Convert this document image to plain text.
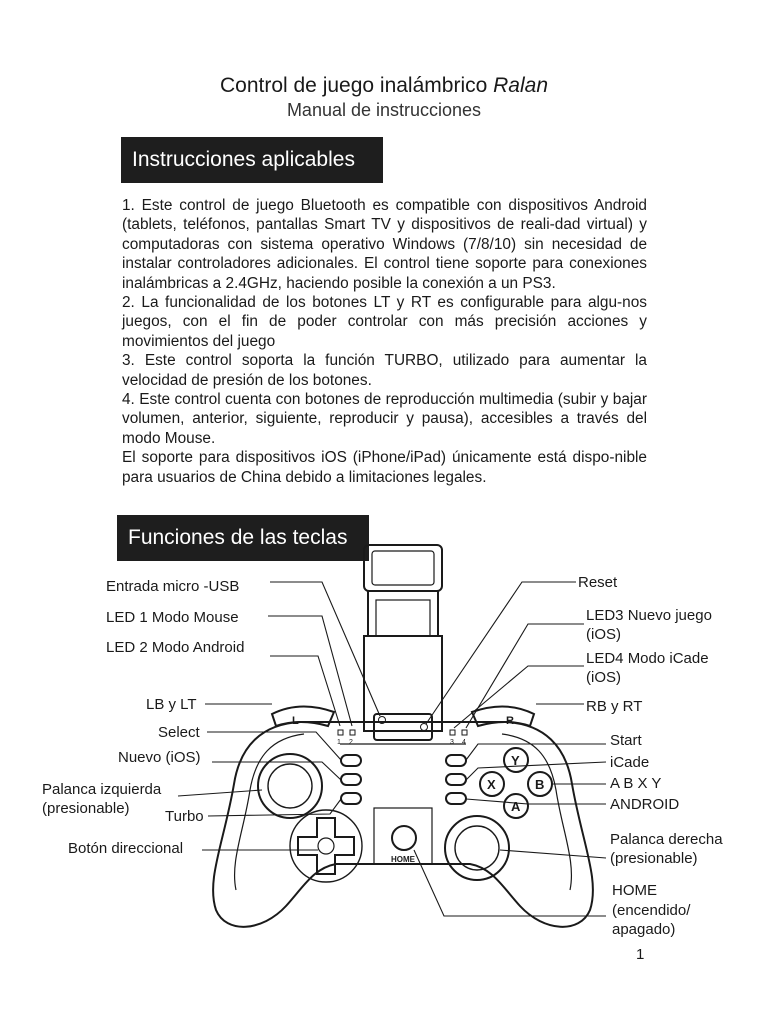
Control de juego inalámbrico Ralan
Manual de instrucciones
Instrucciones aplicables

1. Este control de juego Bluetooth es compatible con dispositivos Android (tablets, teléfonos, pantallas Smart TV y dispositivos de reali-dad virtual) y computadoras con sistema operativo Windows (7/8/10) sin necesidad de instalar controladores adicionales. El control tiene soporte para conexiones inalámbricas a 2.4GHz, haciendo posible la conexión a un PS3.

2. La funcionalidad de los botones LT y RT es configurable para algu-nos juegos, con el fin de poder controlar con más precisión acciones y movimientos del juego

3. Este control soporta la función TURBO, utilizado para aumentar la velocidad de presión de los botones.

4. Este control cuenta con botones de reproducción multimedia (subir y bajar volumen, anterior, siguiente, reproducir y pausa), accesibles a través del modo Mouse.

El soporte para dispositivos iOS (iPhone/iPad) únicamente está dispo-nible para usuarios de China debido a limitaciones legales.

Funciones de las teclas
L	R
1 2	3 4
Y
X	B
A
HOME
Entrada micro -USB
LED 1 Modo Mouse
LED 2 Modo Android
LB y LT
Select
Nuevo (iOS)
Palanca izquierda
(presionable) Turbo
Botón direccional
Reset
LED3 Nuevo juego
(iOS)
LED4 Modo iCade
(iOS)
RB y RT
Start
iCade
A B X Y
ANDROID
Palanca derecha
(presionable)
HOME
(encendido/
apagado)
1
